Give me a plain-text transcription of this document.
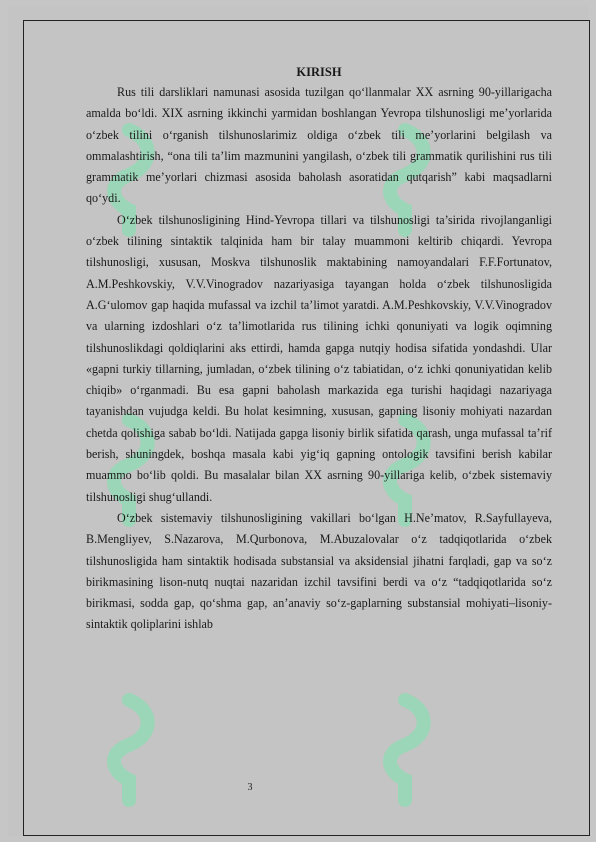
KIRISH

Rus tili darsliklari namunasi asosida tuzilgan qo‘llanmalar XX asrning 90-yillarigacha amalda bo‘ldi. XIX asrning ikkinchi yarmidan boshlangan Yevropa tilshunosligi me’yorlarida o‘zbek tilini o‘rganish tilshunoslarimiz oldiga o‘zbek tili me’yorlarini belgilash va ommalashtirish, “ona tili ta’lim mazmunini yangilash, o‘zbek tili grammatik qurilishini rus tili grammatik me’yorlari chizmasi asosida baholash asoratidan qutqarish” kabi maqsadlarni qo‘ydi.

O‘zbek tilshunosligining Hind-Yevropa tillari va tilshunosligi ta’sirida rivojlanganligi o‘zbek tilining sintaktik talqinida ham bir talay muammoni keltirib chiqardi. Yevropa tilshunosligi, xususan, Moskva tilshunoslik maktabining namoyandalari F.F.Fortunatov, A.M.Peshkovskiy, V.V.Vinogradov nazariyasiga tayangan holda o‘zbek tilshunosligida A.G‘ulomov gap haqida mufassal va izchil ta’limot yaratdi. A.M.Peshkovskiy, V.V.Vinogradov va ularning izdoshlari o‘z ta’limotlarida rus tilining ichki qonuniyati va logik oqimning tilshunoslikdagi qoldiqlarini aks ettirdi, hamda gapga nutqiy hodisa sifatida yondashdi. Ular «gapni turkiy tillarning, jumladan, o‘zbek tilining o‘z tabiatidan, o‘z ichki qonuniyatidan kelib chiqib» o‘rganmadi. Bu esa gapni baholash markazida ega turishi haqidagi nazariyaga tayanishdan vujudga keldi. Bu holat kesimning, xususan, gapning lisoniy mohiyati nazardan chetda qolishiga sabab bo‘ldi. Natijada gapga lisoniy birlik sifatida qarash, unga mufassal ta’rif berish, shuningdek, boshqa masala kabi yig‘iq gapning ontologik tavsifini berish kabilar muammo bo‘lib qoldi. Bu masalalar bilan XX asrning 90-yillariga kelib, o‘zbek sistemaviy tilshunosligi shug‘ullandi.

O‘zbek sistemaviy tilshunosligining vakillari bo‘lgan H.Ne’matov, R.Sayfullayeva, B.Mengliyev, S.Nazarova, M.Qurbonova, M.Abuzalovalar o‘z tadqiqotlarida o‘zbek tilshunosligida ham sintaktik hodisada substansial va aksidensial jihatni farqladi, gap va so‘z birikmasining lison-nutq nuqtai nazaridan izchil tavsifini berdi va o‘z “tadqiqotlarida so‘z birikmasi, sodda gap, qo‘shma gap, an’anaviy so‘z-gaplarning substansial mohiyati–lisoniy-sintaktik qoliplarini ishlab

3
